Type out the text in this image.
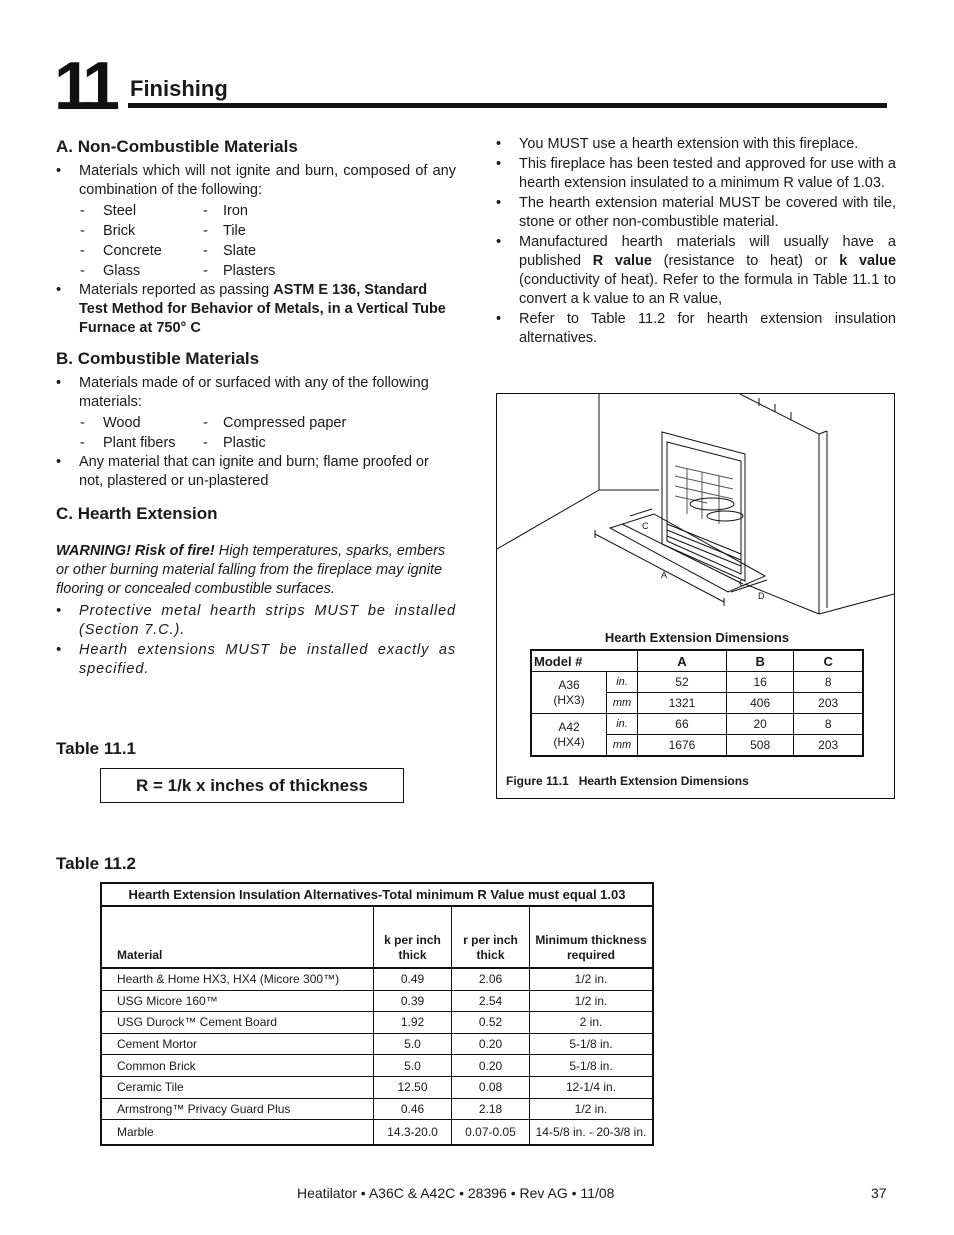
11 Finishing
A. Non-Combustible Materials
• Materials which will not ignite and burn, composed of any combination of the following:
-	Steel	-	Iron
-	Brick	-	Tile
-	Concrete	-	Slate
-	Glass	-	Plasters
• Materials reported as passing ASTM E 136, Standard Test Method for Behavior of Metals, in a Vertical Tube Furnace at 750° C
B. Combustible Materials
• Materials made of or surfaced with any of the following materials:
-	Wood	-	Compressed paper
-	Plant fibers	-	Plastic
• Any material that can ignite and burn; flame proofed or not, plastered or un-plastered
C. Hearth Extension
WARNING! Risk of fire! High temperatures, sparks, embers or other burning material falling from the fireplace may ignite flooring or concealed combustible surfaces.
• Protective metal hearth strips MUST be installed (Section 7.C.).
• Hearth extensions MUST be installed exactly as specified.
• You MUST use a hearth extension with this fireplace.
• This fireplace has been tested and approved for use with a hearth extension insulated to a minimum R value of 1.03.
• The hearth extension material MUST be covered with tile, stone or other non-combustible material.
• Manufactured hearth materials will usually have a published R value (resistance to heat) or k value (conductivity of heat). Refer to the formula in Table 11.1 to convert a k value to an R value,
• Refer to Table 11.2 for hearth extension insulation alternatives.
C
A
C
D
Hearth Extension Dimensions
Model #		A	B	C
A36
(HX3)	in.	52	16	8
	mm	1321	406	203
A42
(HX4)	in.	66	20	8
	mm	1676	508	203
Figure 11.1   Hearth Extension Dimensions
Table 11.1
R = 1/k x inches of thickness
Table 11.2
Hearth Extension Insulation Alternatives-Total minimum R Value must equal 1.03			
Material	k per inch thick	r per inch thick	Minimum thickness required
Hearth & Home HX3, HX4 (Micore 300™)	0.49	2.06	1/2 in.
USG Micore 160™	0.39	2.54	1/2 in.
USG Durock™ Cement Board	1.92	0.52	2 in.
Cement Mortor	5.0	0.20	5-1/8 in.
Common Brick	5.0	0.20	5-1/8 in.
Ceramic Tile	12.50	0.08	12-1/4 in.
Armstrong™ Privacy Guard Plus	0.46	2.18	1/2 in.
Marble	14.3-20.0	0.07-0.05	14-5/8 in. - 20-3/8 in.
Heatilator • A36C & A42C • 28396 • Rev AG • 11/08	37
